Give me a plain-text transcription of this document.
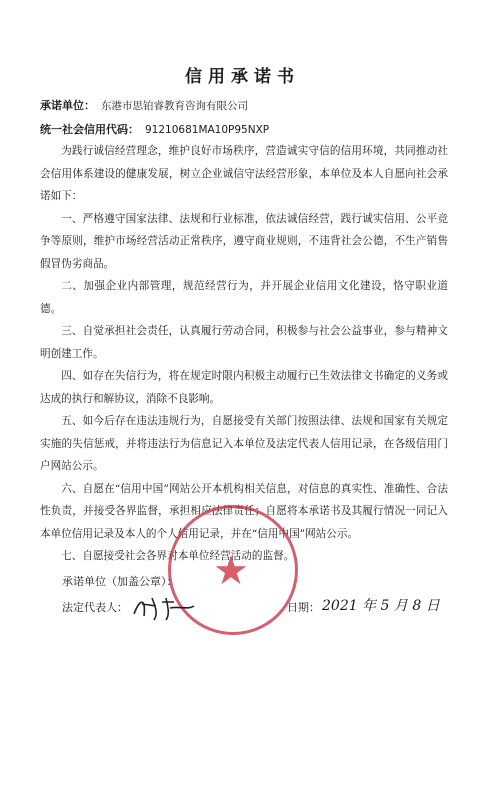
信用承诺书
承诺单位： 东港市思铂睿教育咨询有限公司
统一社会信用代码： 91210681MA10P95NXP

为践行诚信经营理念，维护良好市场秩序，营造诚实守信的信用环境，共同推动社会信用体系建设的健康发展，树立企业诚信守法经营形象，本单位及本人自愿向社会承诺如下：

一、严格遵守国家法律、法规和行业标准，依法诚信经营，践行诚实信用、公平竞争等原则，维护市场经营活动正常秩序，遵守商业规则，不违背社会公德，不生产销售假冒伪劣商品。

二、加强企业内部管理，规范经营行为，并开展企业信用文化建设，恪守职业道德。

三、自觉承担社会责任，认真履行劳动合同，积极参与社会公益事业，参与精神文明创建工作。

四、如存在失信行为，将在规定时限内积极主动履行已生效法律文书确定的义务或达成的执行和解协议，消除不良影响。

五、如今后存在违法违规行为，自愿接受有关部门按照法律、法规和国家有关规定实施的失信惩戒，并将违法行为信息记入本单位及法定代表人信用记录，在各级信用门户网站公示。

六、自愿在“信用中国”网站公开本机构相关信息，对信息的真实性、准确性、合法性负责，并接受各界监督，承担相应法律责任；自愿将本承诺书及其履行情况一同记入本单位信用记录及本人的个人信用记录，并在“信用中国”网站公示。

七、自愿接受社会各界对本单位经营活动的监督。

★
承诺单位（加盖公章）：
法定代表人：	日期： 2021 年 5 月 8 日
